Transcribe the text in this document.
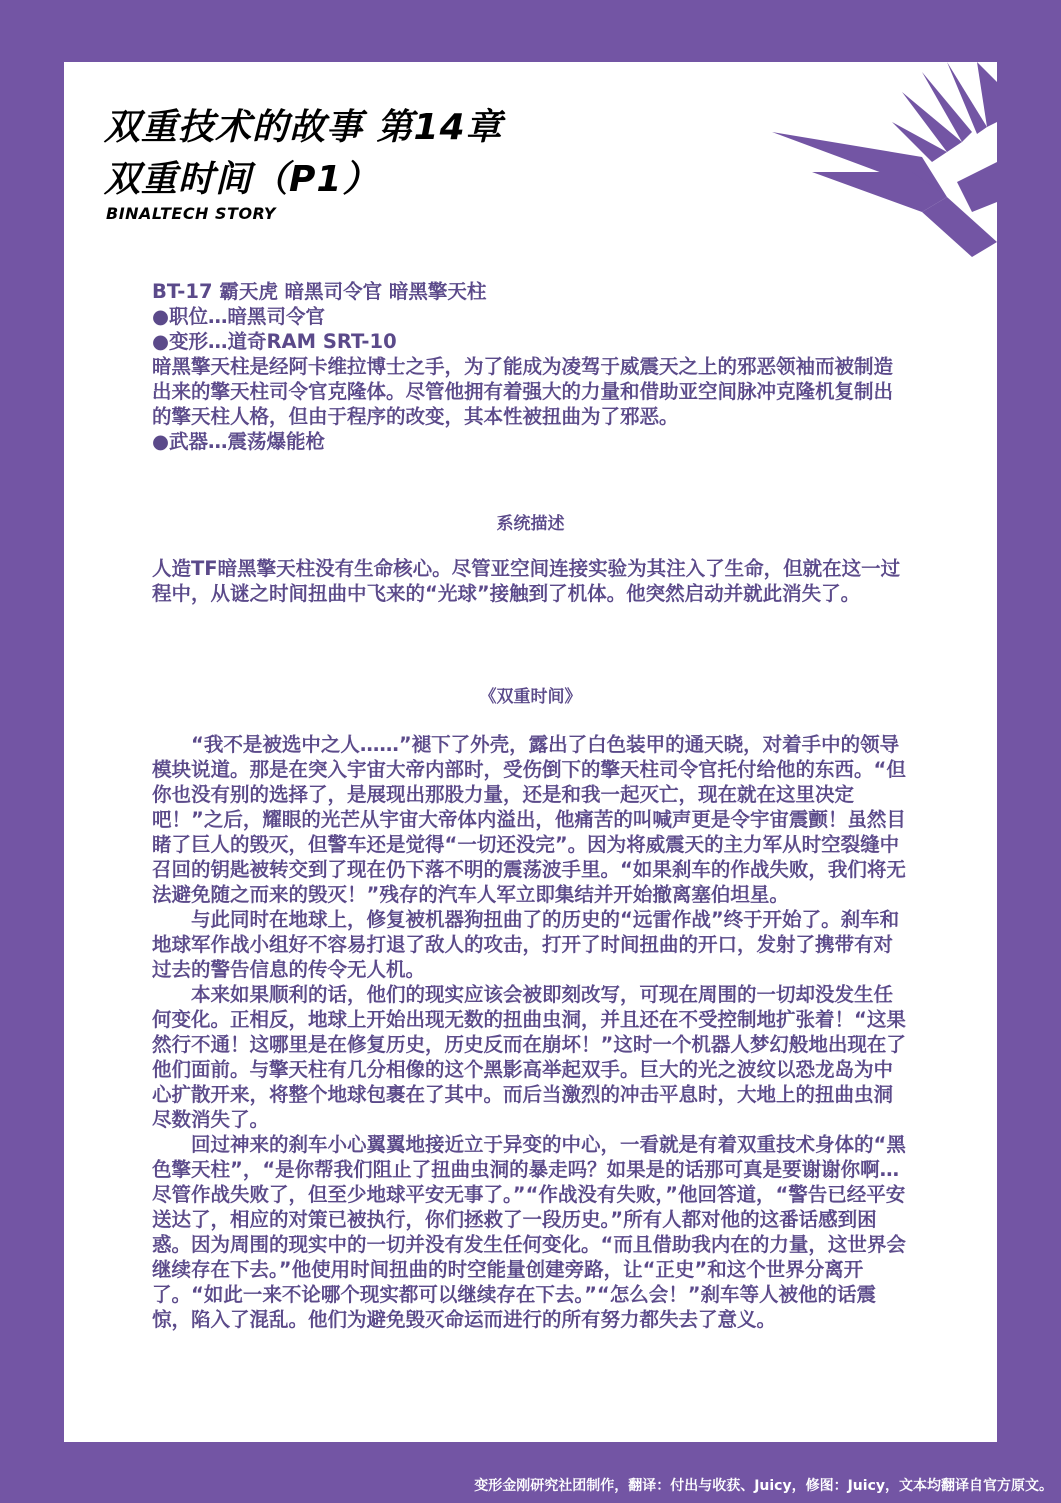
双重技术的故事 第14章
双重时间（P1）
BINALTECH STORY
BT-17 霸天虎 暗黑司令官 暗黑擎天柱
●职位…暗黑司令官
●变形…道奇RAM SRT-10
暗黑擎天柱是经阿卡维拉博士之手，为了能成为凌驾于威震天之上的邪恶领袖而被制造出来的擎天柱司令官克隆体。尽管他拥有着强大的力量和借助亚空间脉冲克隆机复制出的擎天柱人格，但由于程序的改变，其本性被扭曲为了邪恶。
●武器…震荡爆能枪
系统描述
人造TF暗黑擎天柱没有生命核心。尽管亚空间连接实验为其注入了生命，但就在这一过程中，从谜之时间扭曲中飞来的“光球”接触到了机体。他突然启动并就此消失了。
《双重时间》

“我不是被选中之人……”褪下了外壳，露出了白色装甲的通天晓，对着手中的领导模块说道。那是在突入宇宙大帝内部时，受伤倒下的擎天柱司令官托付给他的东西。“但你也没有别的选择了，是展现出那股力量，还是和我一起灭亡，现在就在这里决定吧！”之后，耀眼的光芒从宇宙大帝体内溢出，他痛苦的叫喊声更是令宇宙震颤！虽然目睹了巨人的毁灭，但警车还是觉得“一切还没完”。因为将威震天的主力军从时空裂缝中召回的钥匙被转交到了现在仍下落不明的震荡波手里。“如果刹车的作战失败，我们将无法避免随之而来的毁灭！”残存的汽车人军立即集结并开始撤离塞伯坦星。

与此同时在地球上，修复被机器狗扭曲了的历史的“远雷作战”终于开始了。刹车和地球军作战小组好不容易打退了敌人的攻击，打开了时间扭曲的开口，发射了携带有对过去的警告信息的传令无人机。

本来如果顺利的话，他们的现实应该会被即刻改写，可现在周围的一切却没发生任何变化。正相反，地球上开始出现无数的扭曲虫洞，并且还在不受控制地扩张着！“这果然行不通！这哪里是在修复历史，历史反而在崩坏！”这时一个机器人梦幻般地出现在了他们面前。与擎天柱有几分相像的这个黑影高举起双手。巨大的光之波纹以恐龙岛为中心扩散开来，将整个地球包裹在了其中。而后当激烈的冲击平息时，大地上的扭曲虫洞尽数消失了。

回过神来的刹车小心翼翼地接近立于异变的中心，一看就是有着双重技术身体的“黑色擎天柱”，“是你帮我们阻止了扭曲虫洞的暴走吗？如果是的话那可真是要谢谢你啊…尽管作战失败了，但至少地球平安无事了。”“作战没有失败，”他回答道，“警告已经平安送达了，相应的对策已被执行，你们拯救了一段历史。”所有人都对他的这番话感到困惑。因为周围的现实中的一切并没有发生任何变化。“而且借助我内在的力量，这世界会继续存在下去。”他使用时间扭曲的时空能量创建旁路，让“正史”和这个世界分离开了。“如此一来不论哪个现实都可以继续存在下去。”“怎么会！”刹车等人被他的话震惊，陷入了混乱。他们为避免毁灭命运而进行的所有努力都失去了意义。

变形金刚研究社团制作，翻译：付出与收获、Juicy，修图：Juicy，文本均翻译自官方原文。
